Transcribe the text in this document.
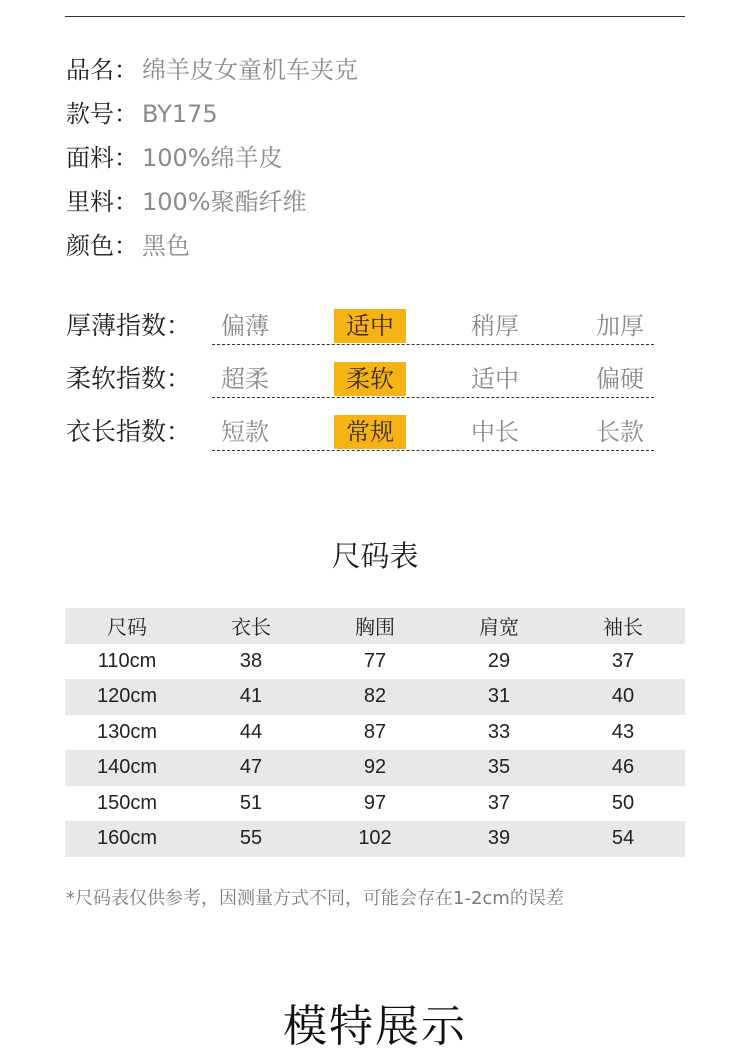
品名： 绵羊皮女童机车夹克
款号： BY175
面料： 100%绵羊皮
里料： 100%聚酯纤维
颜色： 黑色
厚薄指数：	偏薄	适中	稍厚	加厚
柔软指数：	超柔	柔软	适中	偏硬
衣长指数：	短款	常规	中长	长款
尺码表
尺码	衣长	胸围	肩宽	袖长
110cm	38	77	29	37
120cm	41	82	31	40
130cm	44	87	33	43
140cm	47	92	35	46
150cm	51	97	37	50
160cm	55	102	39	54
*尺码表仅供参考，因测量方式不同，可能会存在1-2cm的误差
模特展示
